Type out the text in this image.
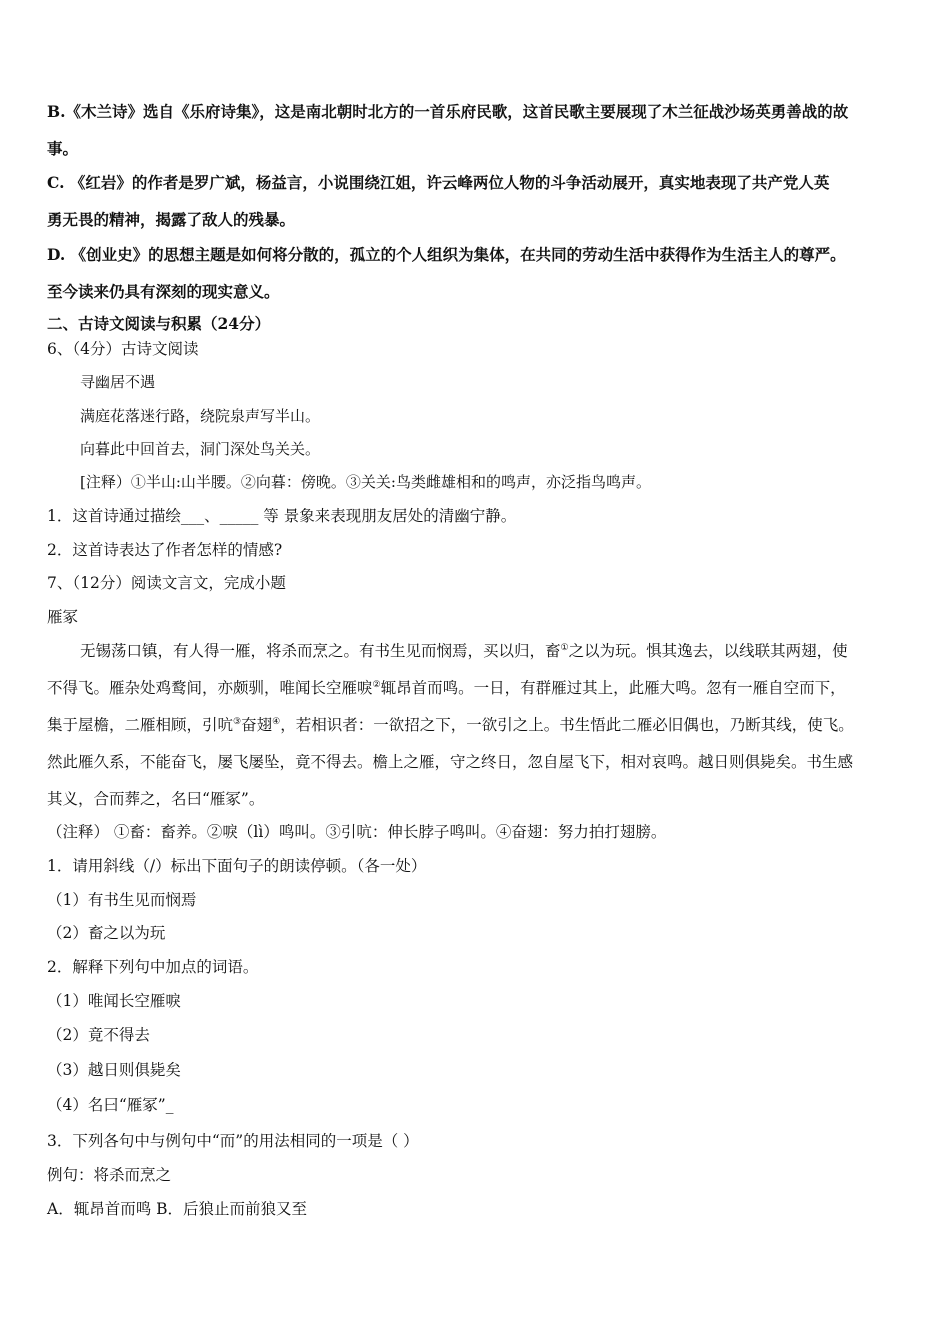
B.《木兰诗》选自《乐府诗集》，这是南北朝时北方的一首乐府民歌，这首民歌主要展现了木兰征战沙场英勇善战的故
事。
C. 《红岩》的作者是罗广斌，杨益言，小说围绕江姐，许云峰两位人物的斗争活动展开，真实地表现了共产党人英
勇无畏的精神，揭露了敌人的残暴。
D. 《创业史》的思想主题是如何将分散的，孤立的个人组织为集体，在共同的劳动生活中获得作为生活主人的尊严。
至今读来仍具有深刻的现实意义。
二、古诗文阅读与积累（24分）
6、（4分）古诗文阅读
寻幽居不遇
满庭花落迷行路，绕院泉声写半山。
向暮此中回首去，洞门深处鸟关关。
[注释）①半山:山半腰。②向暮：傍晚。③关关:鸟类雌雄相和的鸣声，亦泛指鸟鸣声。
1．这首诗通过描绘___、_____ 等 景象来表现朋友居处的清幽宁静。
2．这首诗表达了作者怎样的情感?
7、（12分）阅读文言文，完成小题
雁冢
无锡荡口镇，有人得一雁，将杀而烹之。有书生见而悯焉，买以归，畜①之以为玩。惧其逸去，以线联其两翅，使
不得飞。雁杂处鸡鹜间，亦颇驯，唯闻长空雁唳②辄昂首而鸣。一日，有群雁过其上，此雁大鸣。忽有一雁自空而下，
集于屋檐，二雁相顾，引吭③奋翅④，若相识者：一欲招之下，一欲引之上。书生悟此二雁必旧偶也，乃断其线，使飞。
然此雁久系，不能奋飞，屡飞屡坠，竟不得去。檐上之雁，守之终日，忽自屋飞下，相对哀鸣。越日则俱毙矣。书生感
其义，合而葬之，名曰“雁冢”。
（注释） ①畜：畜养。②唳（lì）鸣叫。③引吭：伸长脖子鸣叫。④奋翅：努力拍打翅膀。
1．请用斜线（/）标出下面句子的朗读停顿。（各一处）
（1）有书生见而悯焉
（2）畜之以为玩
2．解释下列句中加点的词语。
（1）唯闻长空雁唳
（2）竟不得去
（3）越日则俱毙矣
（4）名曰“雁冢”_
3．下列各句中与例句中“而”的用法相同的一项是（ ）
例句：将杀而烹之
A．辄昂首而鸣 B．后狼止而前狼又至
